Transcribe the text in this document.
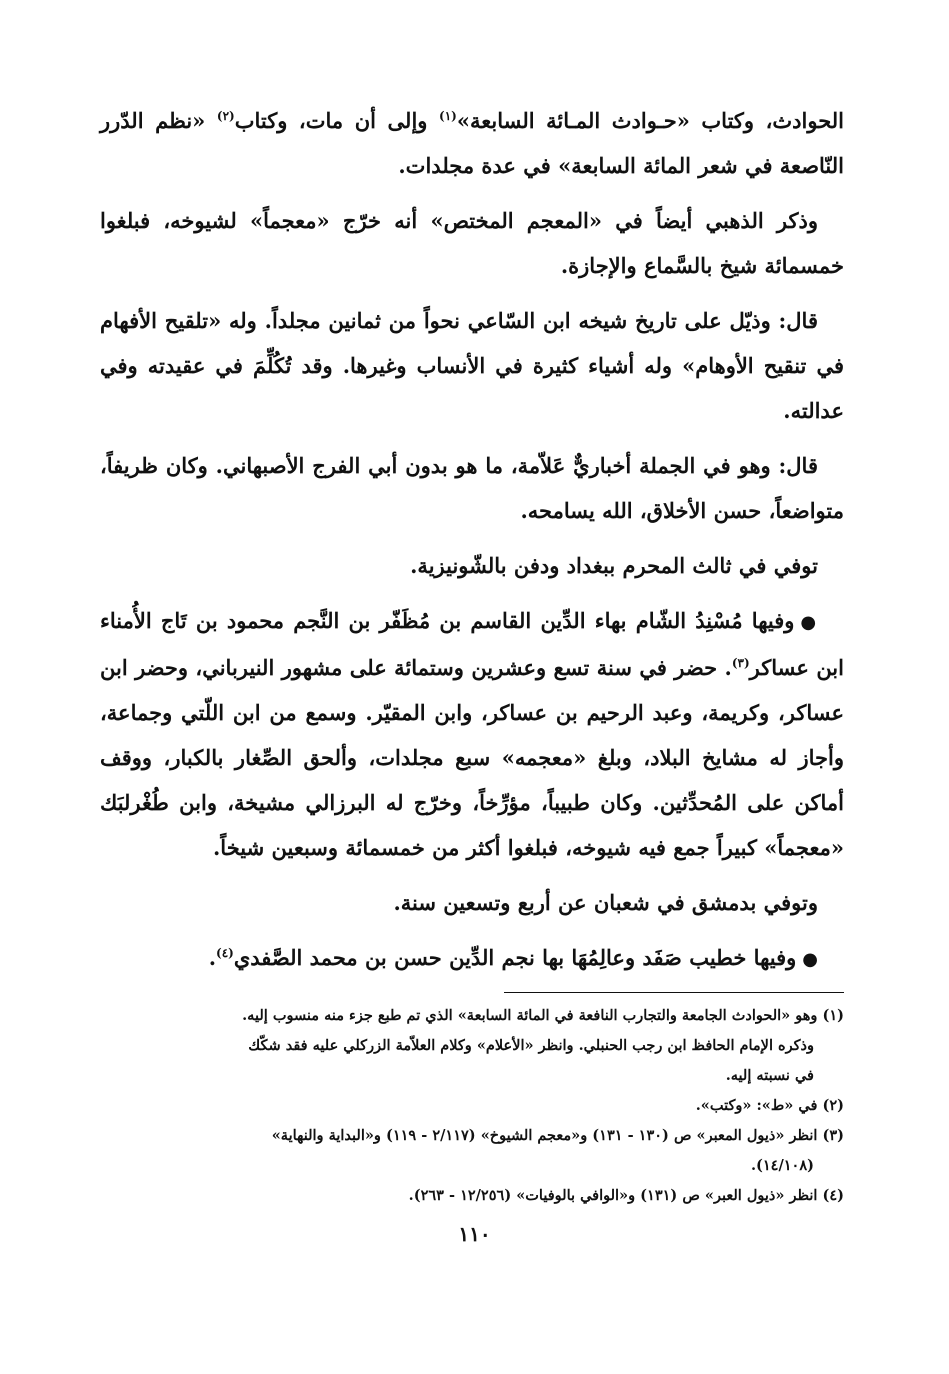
الحوادث، وكتاب «حـوادث المـائة السابعة»$^{(١)}$ وإلى أن مات، وكتاب$^{(٢)}$ «نظم الدّرر النّاصعة في شعر المائة السابعة» في عدة مجلدات.

وذكر الذهبي أيضاً في «المعجم المختص» أنه خرّج «معجماً» لشيوخه، فبلغوا خمسمائة شيخ بالسَّماع والإجازة.

قال: وذيّل على تاريخ شيخه ابن السّاعي نحواً من ثمانين مجلداً. وله «تلقيح الأفهام في تنقيح الأوهام» وله أشياء كثيرة في الأنساب وغيرها. وقد تُكُلِّمَ في عقيدته وفي عدالته.

قال: وهو في الجملة أخباريٌّ عَلاّمة، ما هو بدون أبي الفرج الأصبهاني. وكان ظريفاً، متواضعاً، حسن الأخلاق، الله يسامحه.

توفي في ثالث المحرم ببغداد ودفن بالشّونيزية.

●وفيها مُسْنِدُ الشّام بهاء الدِّين القاسم بن مُظَفّر بن النَّجم محمود بن تَاج الأُمناء ابن عساكر$^{(٣)}$. حضر في سنة تسع وعشرين وستمائة على مشهور النيرباني، وحضر ابن عساكر، وكريمة، وعبد الرحيم بن عساكر، وابن المقيّر. وسمع من ابن اللّتي وجماعة، وأجاز له مشايخ البلاد، وبلغ «معجمه» سبع مجلدات، وألحق الصِّغار بالكبار، ووقف أماكن على المُحدِّثين. وكان طبيباً، مؤرِّخاً، وخرّج له البرزالي مشيخة، وابن طُغْرلبَك «معجماً» كبيراً جمع فيه شيوخه، فبلغوا أكثر من خمسمائة وسبعين شيخاً.

وتوفي بدمشق في شعبان عن أربع وتسعين سنة.

●وفيها خطيب صَفَد وعالِمُهَا بها نجم الدِّين حسن بن محمد الصَّفدي$^{(٤)}$.

(١) وهو «الحوادث الجامعة والتجارب النافعة في المائة السابعة» الذي تم طبع جزء منه منسوب إليه.

وذكره الإمام الحافظ ابن رجب الحنبلي. وانظر «الأعلام» وكلام العلاّمة الزركلي عليه فقد شكّك

في نسبته إليه.

(٢) في «ط»: «وكتب».

(٣) انظر «ذيول المعبر» ص (١٣٠ - ١٣١) و«معجم الشيوخ» (٢/١١٧ - ١١٩) و«البداية والنهاية»

(١٤/١٠٨).

(٤) انظر «ذيول العبر» ص (١٣١) و«الوافي بالوفيات» (١٢/٢٥٦ - ٢٦٣).

١١٠
